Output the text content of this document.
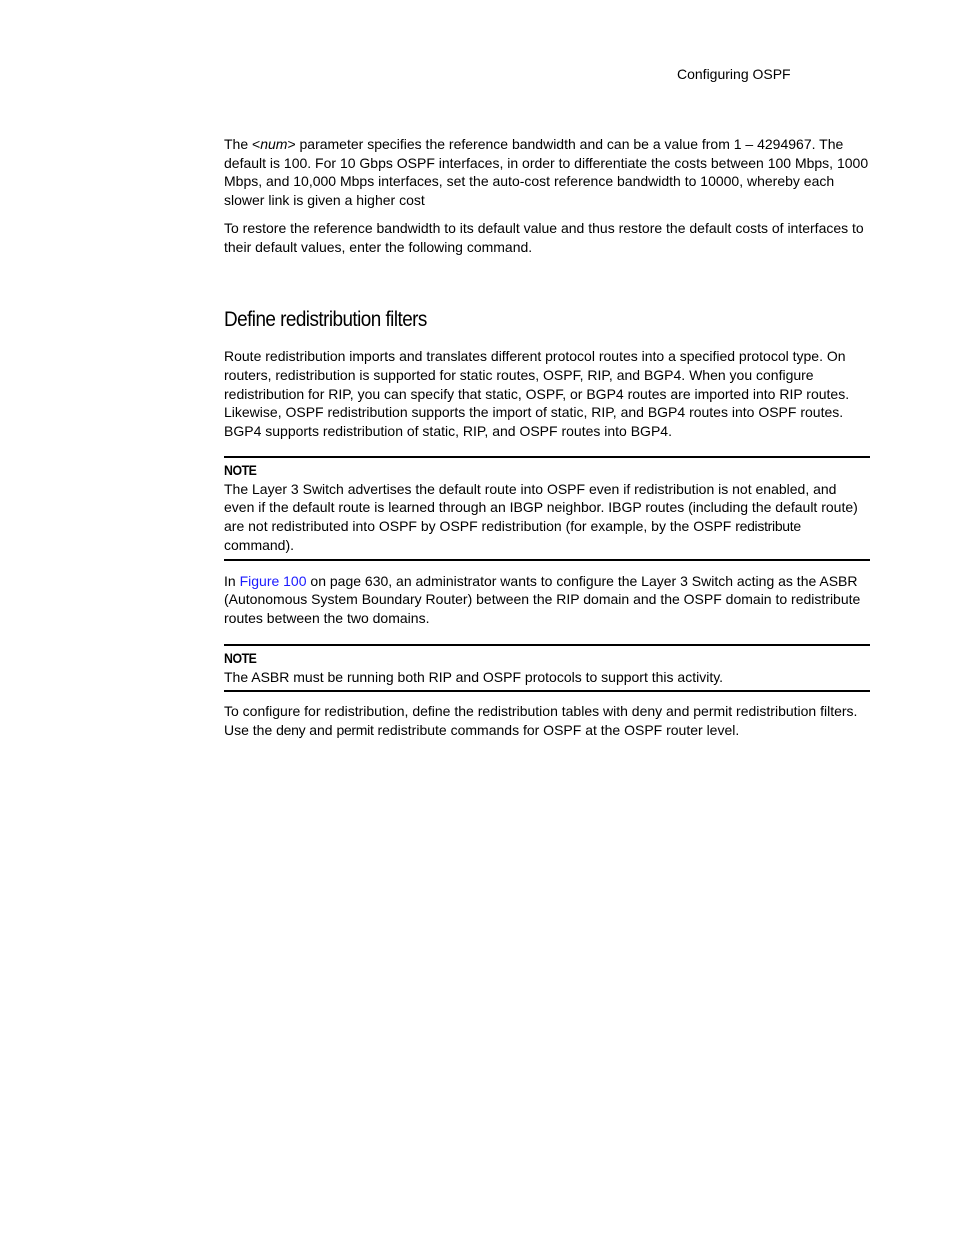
Configuring OSPF

The <num> parameter specifies the reference bandwidth and can be a value from 1 – 4294967. The default is 100. For 10 Gbps OSPF interfaces, in order to differentiate the costs between 100 Mbps, 1000 Mbps, and 10,000 Mbps interfaces, set the auto-cost reference bandwidth to 10000, whereby each slower link is given a higher cost

To restore the reference bandwidth to its default value and thus restore the default costs of interfaces to their default values, enter the following command.

Define redistribution filters

Route redistribution imports and translates different protocol routes into a specified protocol type. On routers, redistribution is supported for static routes, OSPF, RIP, and BGP4. When you configure redistribution for RIP, you can specify that static, OSPF, or BGP4 routes are imported into RIP routes. Likewise, OSPF redistribution supports the import of static, RIP, and BGP4 routes into OSPF routes. BGP4 supports redistribution of static, RIP, and OSPF routes into BGP4.

NOTE

The Layer 3 Switch advertises the default route into OSPF even if redistribution is not enabled, and even if the default route is learned through an IBGP neighbor. IBGP routes (including the default route) are not redistributed into OSPF by OSPF redistribution (for example, by the OSPF redistribute command).

In Figure 100 on page 630, an administrator wants to configure the Layer 3 Switch acting as the ASBR (Autonomous System Boundary Router) between the RIP domain and the OSPF domain to redistribute routes between the two domains.

NOTE

The ASBR must be running both RIP and OSPF protocols to support this activity.

To configure for redistribution, define the redistribution tables with deny and permit redistribution filters. Use the deny and permit redistribute commands for OSPF at the OSPF router level.
